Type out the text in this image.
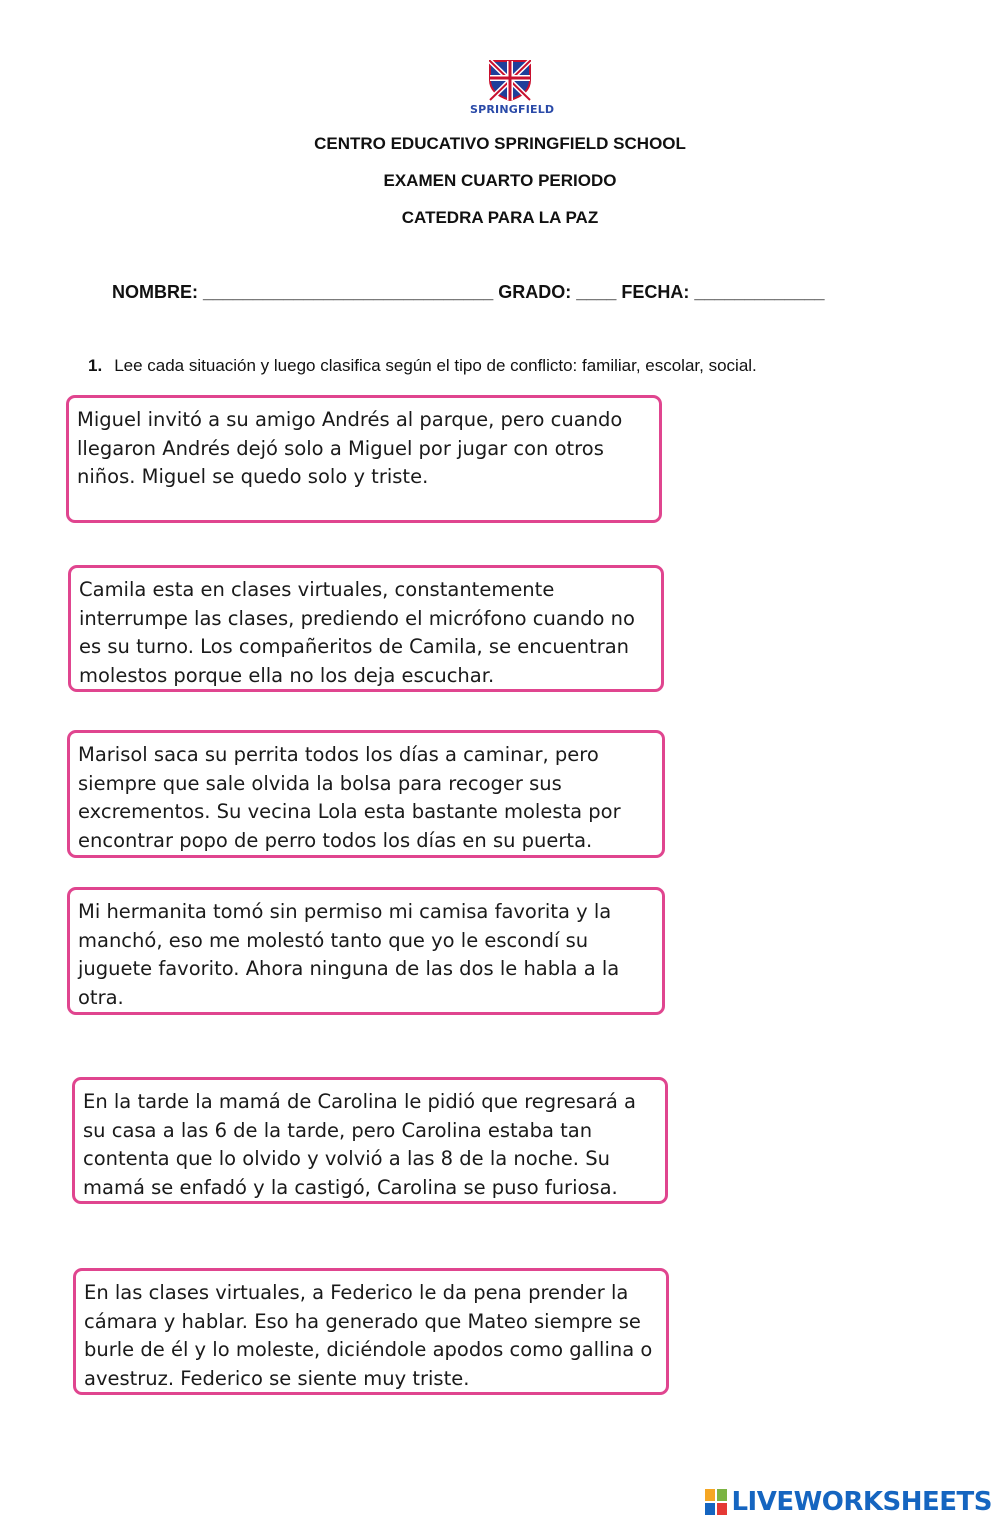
SPRINGFIELD
CENTRO EDUCATIVO SPRINGFIELD SCHOOL
EXAMEN CUARTO PERIODO
CATEDRA PARA LA PAZ
NOMBRE: _____________________________ GRADO: ____ FECHA: _____________
1. Lee cada situación y luego clasifica según el tipo de conflicto: familiar, escolar, social.
Miguel invitó a su amigo Andrés al parque, pero cuando llegaron Andrés dejó solo a Miguel por jugar con otros niños. Miguel se quedo solo y triste.
Camila esta en clases virtuales, constantemente interrumpe las clases, prediendo el micrófono cuando no es su turno. Los compañeritos de Camila, se encuentran molestos porque ella no los deja escuchar.
Marisol saca su perrita todos los días a caminar, pero siempre que sale olvida la bolsa para recoger sus excrementos. Su vecina Lola esta bastante molesta por encontrar popo de perro todos los días en su puerta.
Mi hermanita tomó sin permiso mi camisa favorita y la manchó, eso me molestó tanto que yo le escondí su juguete favorito. Ahora ninguna de las dos le habla a la otra.
En la tarde la mamá de Carolina le pidió que regresará a su casa a las 6 de la tarde, pero Carolina estaba tan contenta que lo olvido y volvió a las 8 de la noche. Su mamá se enfadó y la castigó, Carolina se puso furiosa.
En las clases virtuales, a Federico le da pena prender la cámara y hablar. Eso ha generado que Mateo siempre se burle de él y lo moleste, diciéndole apodos como gallina o avestruz. Federico se siente muy triste.
LIVEWORKSHEETS
